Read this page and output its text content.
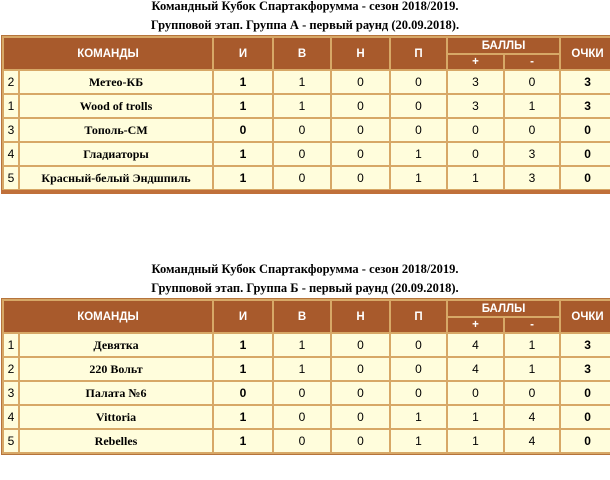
Командный Кубок Спартакфорумма - сезон 2018/2019.
Групповой этап. Группа А - первый раунд (20.09.2018).
КОМАНДЫ		И	В	Н	П	БАЛЛЫ		ОЧКИ
						+	-	
2	Метео-КБ	1	1	0	0	3	0	3
1	Wood of trolls	1	1	0	0	3	1	3
3	Тополь-СМ	0	0	0	0	0	0	0
4	Гладиаторы	1	0	0	1	0	3	0
5	Красный-белый Эндшпиль	1	0	0	1	1	3	0
Командный Кубок Спартакфорумма - сезон 2018/2019.
Групповой этап. Группа Б - первый раунд (20.09.2018).
КОМАНДЫ		И	В	Н	П	БАЛЛЫ		ОЧКИ
						+	-	
1	Девятка	1	1	0	0	4	1	3
2	220 Вольт	1	1	0	0	4	1	3
3	Палата №6	0	0	0	0	0	0	0
4	Vittoria	1	0	0	1	1	4	0
5	Rebelles	1	0	0	1	1	4	0
